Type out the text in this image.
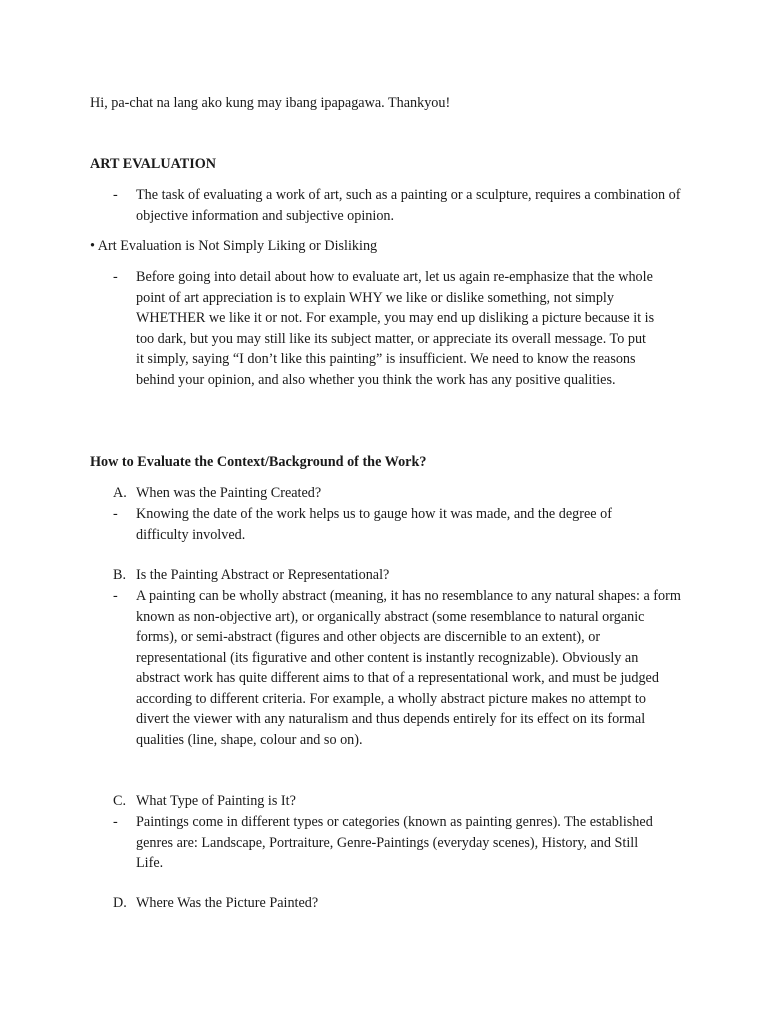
Hi, pa-chat na lang ako kung may ibang ipapagawa. Thankyou!
ART EVALUATION
- The task of evaluating a work of art, such as a painting or a sculpture, requires a combination of objective information and subjective opinion.
• Art Evaluation is Not Simply Liking or Disliking
- Before going into detail about how to evaluate art, let us again re-emphasize that the whole point of art appreciation is to explain WHY we like or dislike something, not simply WHETHER we like it or not. For example, you may end up disliking a picture because it is too dark, but you may still like its subject matter, or appreciate its overall message. To put it simply, saying “I don’t like this painting” is insufficient. We need to know the reasons behind your opinion, and also whether you think the work has any positive qualities.
How to Evaluate the Context/Background of the Work?
A. When was the Painting Created?
- Knowing the date of the work helps us to gauge how it was made, and the degree of difficulty involved.
B. Is the Painting Abstract or Representational?
- A painting can be wholly abstract (meaning, it has no resemblance to any natural shapes: a form known as non-objective art), or organically abstract (some resemblance to natural organic forms), or semi-abstract (figures and other objects are discernible to an extent), or representational (its figurative and other content is instantly recognizable). Obviously an abstract work has quite different aims to that of a representational work, and must be judged according to different criteria. For example, a wholly abstract picture makes no attempt to divert the viewer with any naturalism and thus depends entirely for its effect on its formal qualities (line, shape, colour and so on).
C. What Type of Painting is It?
- Paintings come in different types or categories (known as painting genres). The established genres are: Landscape, Portraiture, Genre-Paintings (everyday scenes), History, and Still Life.
D. Where Was the Picture Painted?
